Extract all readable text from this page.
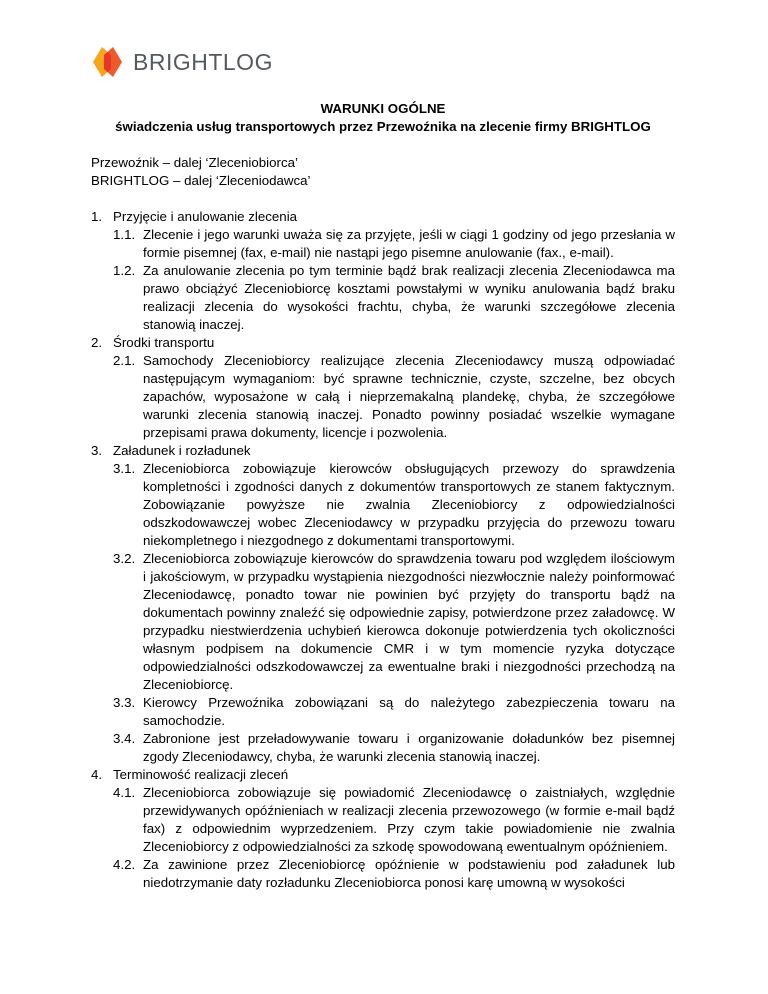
BRIGHTLOG
WARUNKI OGÓLNE
świadczenia usług transportowych przez Przewoźnika na zlecenie firmy BRIGHTLOG
Przewoźnik – dalej ‘Zleceniobiorca’
BRIGHTLOG – dalej ‘Zleceniodawca’
1. Przyjęcie i anulowanie zlecenia
1.1. Zlecenie i jego warunki uważa się za przyjęte, jeśli w ciągi 1 godziny od jego przesłania w formie pisemnej (fax, e-mail) nie nastąpi jego pisemne anulowanie (fax., e-mail).
1.2. Za anulowanie zlecenia po tym terminie bądź brak realizacji zlecenia Zleceniodawca ma prawo obciążyć Zleceniobiorcę kosztami powstałymi w wyniku anulowania bądź braku realizacji zlecenia do wysokości frachtu, chyba, że warunki szczegółowe zlecenia stanowią inaczej.
2. Środki transportu
2.1. Samochody Zleceniobiorcy realizujące zlecenia Zleceniodawcy muszą odpowiadać następującym wymaganiom: być sprawne technicznie, czyste, szczelne, bez obcych zapachów, wyposażone w całą i nieprzemakalną plandekę, chyba, że szczegółowe warunki zlecenia stanowią inaczej. Ponadto powinny posiadać wszelkie wymagane przepisami prawa dokumenty, licencje i pozwolenia.
3. Załadunek i rozładunek
3.1. Zleceniobiorca zobowiązuje kierowców obsługujących przewozy do sprawdzenia kompletności i zgodności danych z dokumentów transportowych ze stanem faktycznym. Zobowiązanie powyższe nie zwalnia Zleceniobiorcy z odpowiedzialności odszkodowawczej wobec Zleceniodawcy w przypadku przyjęcia do przewozu towaru niekompletnego i niezgodnego z dokumentami transportowymi.
3.2. Zleceniobiorca zobowiązuje kierowców do sprawdzenia towaru pod względem ilościowym i jakościowym, w przypadku wystąpienia niezgodności niezwłocznie należy poinformować Zleceniodawcę, ponadto towar nie powinien być przyjęty do transportu bądź na dokumentach powinny znaleźć się odpowiednie zapisy, potwierdzone przez załadowcę. W przypadku niestwierdzenia uchybień kierowca dokonuje potwierdzenia tych okoliczności własnym podpisem na dokumencie CMR i w tym momencie ryzyka dotyczące odpowiedzialności odszkodowawczej za ewentualne braki i niezgodności przechodzą na Zleceniobiorcę.
3.3. Kierowcy Przewoźnika zobowiązani są do należytego zabezpieczenia towaru na samochodzie.
3.4. Zabronione jest przeładowywanie towaru i organizowanie doładunków bez pisemnej zgody Zleceniodawcy, chyba, że warunki zlecenia stanowią inaczej.
4. Terminowość realizacji zleceń
4.1. Zleceniobiorca zobowiązuje się powiadomić Zleceniodawcę o zaistniałych, względnie przewidywanych opóźnieniach w realizacji zlecenia przewozowego (w formie e-mail bądź fax) z odpowiednim wyprzedzeniem. Przy czym takie powiadomienie nie zwalnia Zleceniobiorcy z odpowiedzialności za szkodę spowodowaną ewentualnym opóźnieniem.
4.2. Za zawinione przez Zleceniobiorcę opóźnienie w podstawieniu pod załadunek lub niedotrzymanie daty rozładunku Zleceniobiorca ponosi karę umowną w wysokości
